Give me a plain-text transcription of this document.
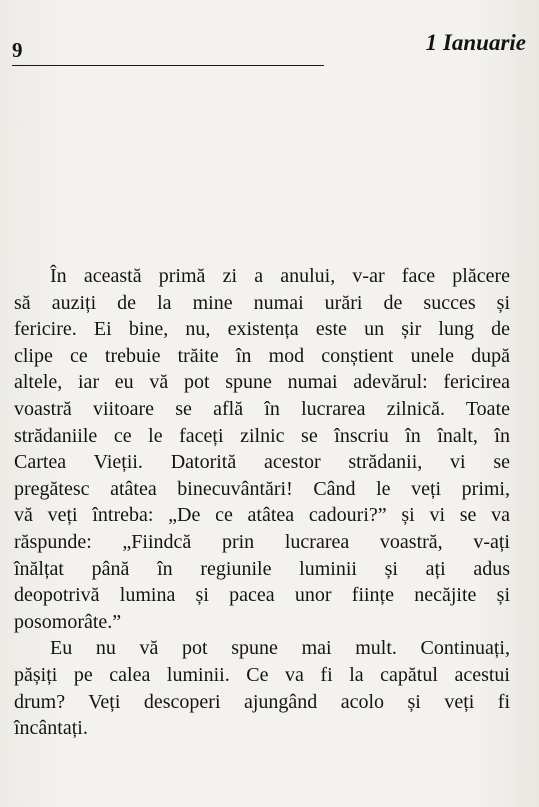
9	1 Ianuarie
În această primă zi a anului, v-ar face plăcere
să auziți de la mine numai urări de succes și
fericire. Ei bine, nu, existența este un șir lung de
clipe ce trebuie trăite în mod conștient unele după
altele, iar eu vă pot spune numai adevărul: fericirea
voastră viitoare se află în lucrarea zilnică. Toate
strădaniile ce le faceți zilnic se înscriu în înalt, în
Cartea Vieții. Datorită acestor strădanii, vi se
pregătesc atâtea binecuvântări! Când le veți primi,
vă veți întreba: „De ce atâtea cadouri?” și vi se va
răspunde: „Fiindcă prin lucrarea voastră, v-ați
înălțat până în regiunile luminii și ați adus
deopotrivă lumina și pacea unor ființe necăjite și
posomorâte.”
Eu nu vă pot spune mai mult. Continuați,
pășiți pe calea luminii. Ce va fi la capătul acestui
drum? Veți descoperi ajungând acolo și veți fi
încântați.
